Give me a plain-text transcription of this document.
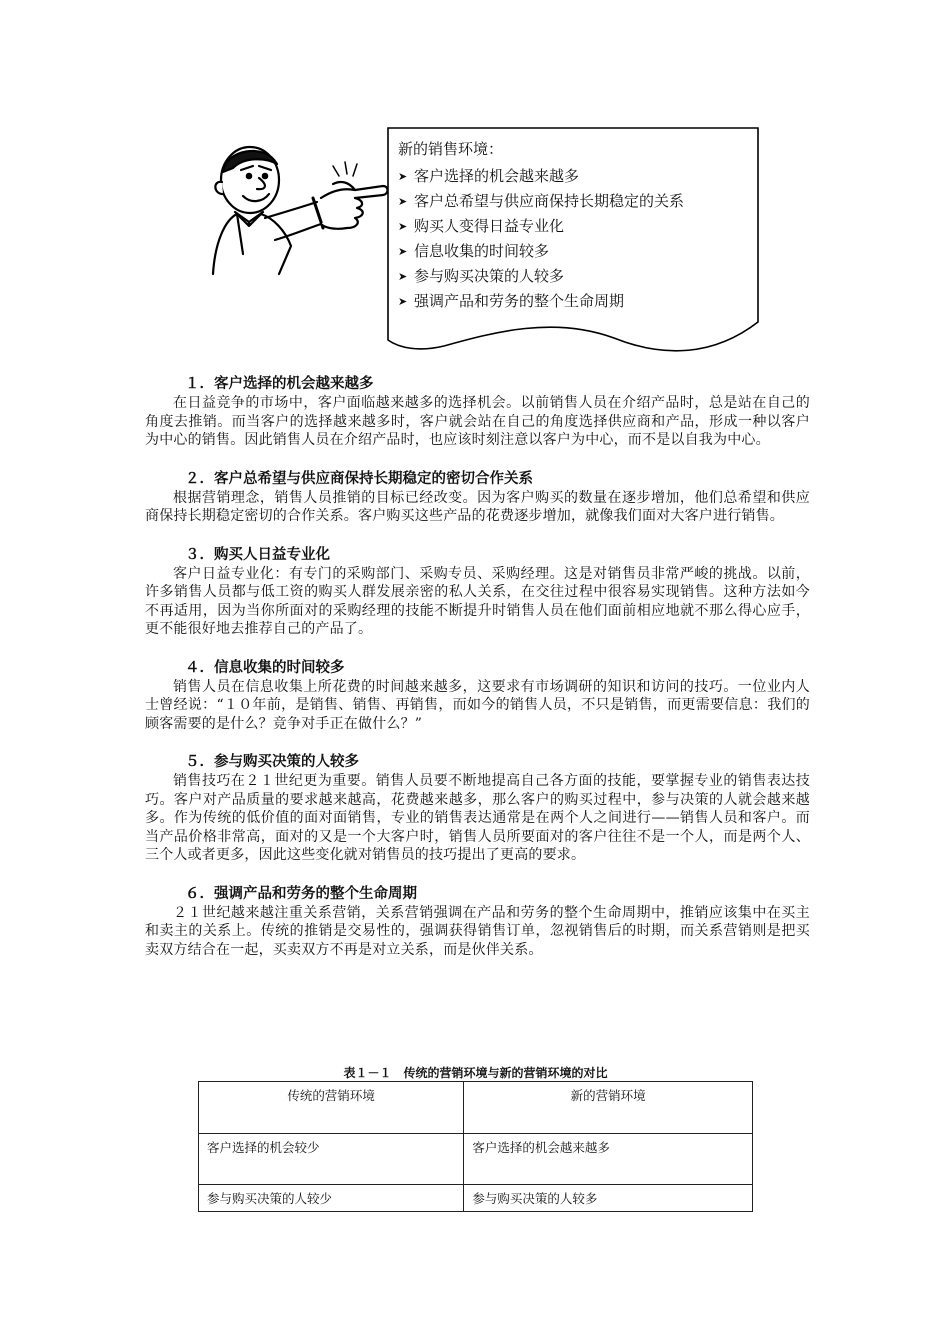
新的销售环境：
➤ 客户选择的机会越来越多
➤ 客户总希望与供应商保持长期稳定的关系
➤ 购买人变得日益专业化
➤ 信息收集的时间较多
➤ 参与购买决策的人较多
➤ 强调产品和劳务的整个生命周期
１．客户选择的机会越来越多

在日益竞争的市场中，客户面临越来越多的选择机会。以前销售人员在介绍产品时，总是站在自己的角度去推销。而当客户的选择越来越多时，客户就会站在自己的角度选择供应商和产品，形成一种以客户为中心的销售。因此销售人员在介绍产品时，也应该时刻注意以客户为中心，而不是以自我为中心。

２．客户总希望与供应商保持长期稳定的密切合作关系

根据营销理念，销售人员推销的目标已经改变。因为客户购买的数量在逐步增加，他们总希望和供应商保持长期稳定密切的合作关系。客户购买这些产品的花费逐步增加，就像我们面对大客户进行销售。

３．购买人日益专业化

客户日益专业化：有专门的采购部门、采购专员、采购经理。这是对销售员非常严峻的挑战。以前，许多销售人员都与低工资的购买人群发展亲密的私人关系，在交往过程中很容易实现销售。这种方法如今不再适用，因为当你所面对的采购经理的技能不断提升时销售人员在他们面前相应地就不那么得心应手，更不能很好地去推荐自己的产品了。

４．信息收集的时间较多

销售人员在信息收集上所花费的时间越来越多，这要求有市场调研的知识和访问的技巧。一位业内人士曾经说：“１０年前，是销售、销售、再销售，而如今的销售人员，不只是销售，而更需要信息：我们的顾客需要的是什么？竞争对手正在做什么？”

５．参与购买决策的人较多

销售技巧在２１世纪更为重要。销售人员要不断地提高自己各方面的技能，要掌握专业的销售表达技巧。客户对产品质量的要求越来越高，花费越来越多，那么客户的购买过程中，参与决策的人就会越来越多。作为传统的低价值的面对面销售，专业的销售表达通常是在两个人之间进行——销售人员和客户。而当产品价格非常高，面对的又是一个大客户时，销售人员所要面对的客户往往不是一个人，而是两个人、三个人或者更多，因此这些变化就对销售员的技巧提出了更高的要求。

６．强调产品和劳务的整个生命周期

２１世纪越来越注重关系营销，关系营销强调在产品和劳务的整个生命周期中，推销应该集中在买主和卖主的关系上。传统的推销是交易性的，强调获得销售订单，忽视销售后的时期，而关系营销则是把买卖双方结合在一起，买卖双方不再是对立关系，而是伙伴关系。

表１－１　传统的营销环境与新的营销环境的对比
传统的营销环境	新的营销环境
客户选择的机会较少	客户选择的机会越来越多
参与购买决策的人较少	参与购买决策的人较多
